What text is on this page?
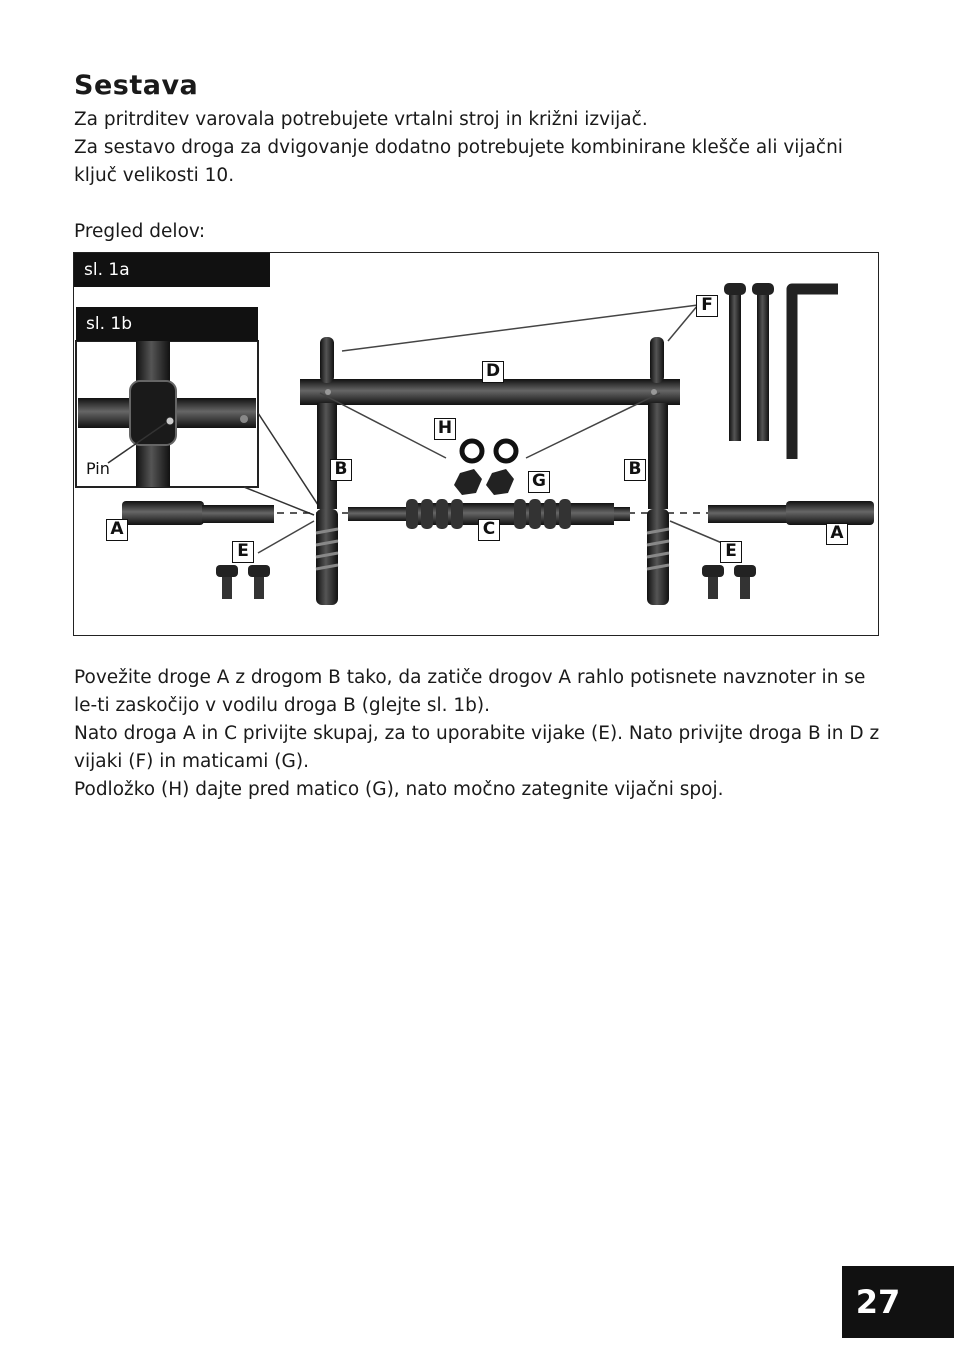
Sestava

Za pritrditev varovala potrebujete vrtalni stroj in križni izvijač.

Za sestavo droga za dvigovanje dodatno potrebujete kombinirane klešče ali vijačni ključ velikosti 10.

Pregled delov:

sl. 1a
sl. 1b
Pin
F
D
H
B	B
G
A	C	A
E	E

Povežite droge A z drogom B tako, da zatiče drogov A rahlo potisnete navznoter in se le-ti zaskočijo v vodilu droga B (glejte sl. 1b).

Nato droga A in C privijte skupaj, za to uporabite vijake (E). Nato privijte droga B in D z vijaki (F) in maticami (G).

Podložko (H) dajte pred matico (G), nato močno zategnite vijačni spoj.

27
